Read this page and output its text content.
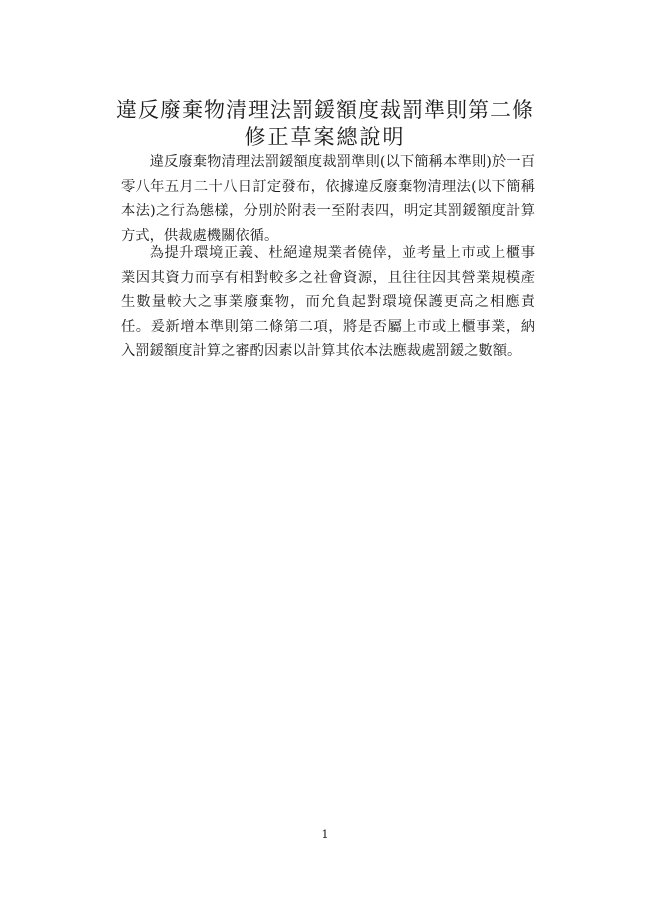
違反廢棄物清理法罰鍰額度裁罰準則第二條
修正草案總說明

違反廢棄物清理法罰鍰額度裁罰準則(以下簡稱本準則)於一百零八年五月二十八日訂定發布，依據違反廢棄物清理法(以下簡稱本法)之行為態樣，分別於附表一至附表四，明定其罰鍰額度計算方式，供裁處機關依循。

為提升環境正義、杜絕違規業者僥倖，並考量上市或上櫃事業因其資力而享有相對較多之社會資源，且往往因其營業規模產生數量較大之事業廢棄物，而允負起對環境保護更高之相應責任。爰新增本準則第二條第二項，將是否屬上市或上櫃事業，納入罰鍰額度計算之審酌因素以計算其依本法應裁處罰鍰之數額。

1
